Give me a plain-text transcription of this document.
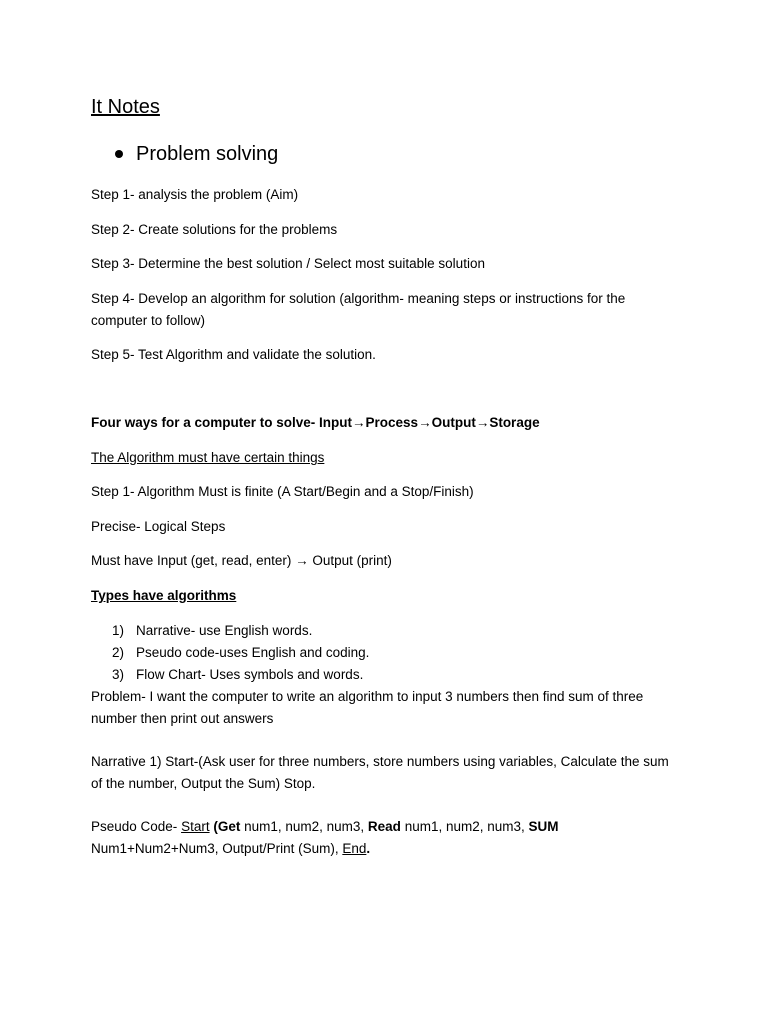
It Notes
Problem solving
Step 1- analysis the problem (Aim)
Step 2- Create solutions for the problems
Step 3- Determine the best solution / Select most suitable solution
Step 4- Develop an algorithm for solution (algorithm- meaning steps or instructions for the computer to follow)
Step 5- Test Algorithm and validate the solution.
Four ways for a computer to solve- Input→Process→Output→Storage
The Algorithm must have certain things
Step 1- Algorithm Must is finite (A Start/Begin and a Stop/Finish)
Precise- Logical Steps
Must have Input (get, read, enter) → Output (print)
Types have algorithms
1) Narrative- use English words.
2) Pseudo code-uses English and coding.
3) Flow Chart- Uses symbols and words.
Problem- I want the computer to write an algorithm to input 3 numbers then find sum of three number then print out answers
Narrative 1) Start-(Ask user for three numbers, store numbers using variables, Calculate the sum of the number, Output the Sum) Stop.
Pseudo Code- Start (Get num1, num2, num3, Read num1, num2, num3, SUM
Num1+Num2+Num3, Output/Print (Sum), End.
